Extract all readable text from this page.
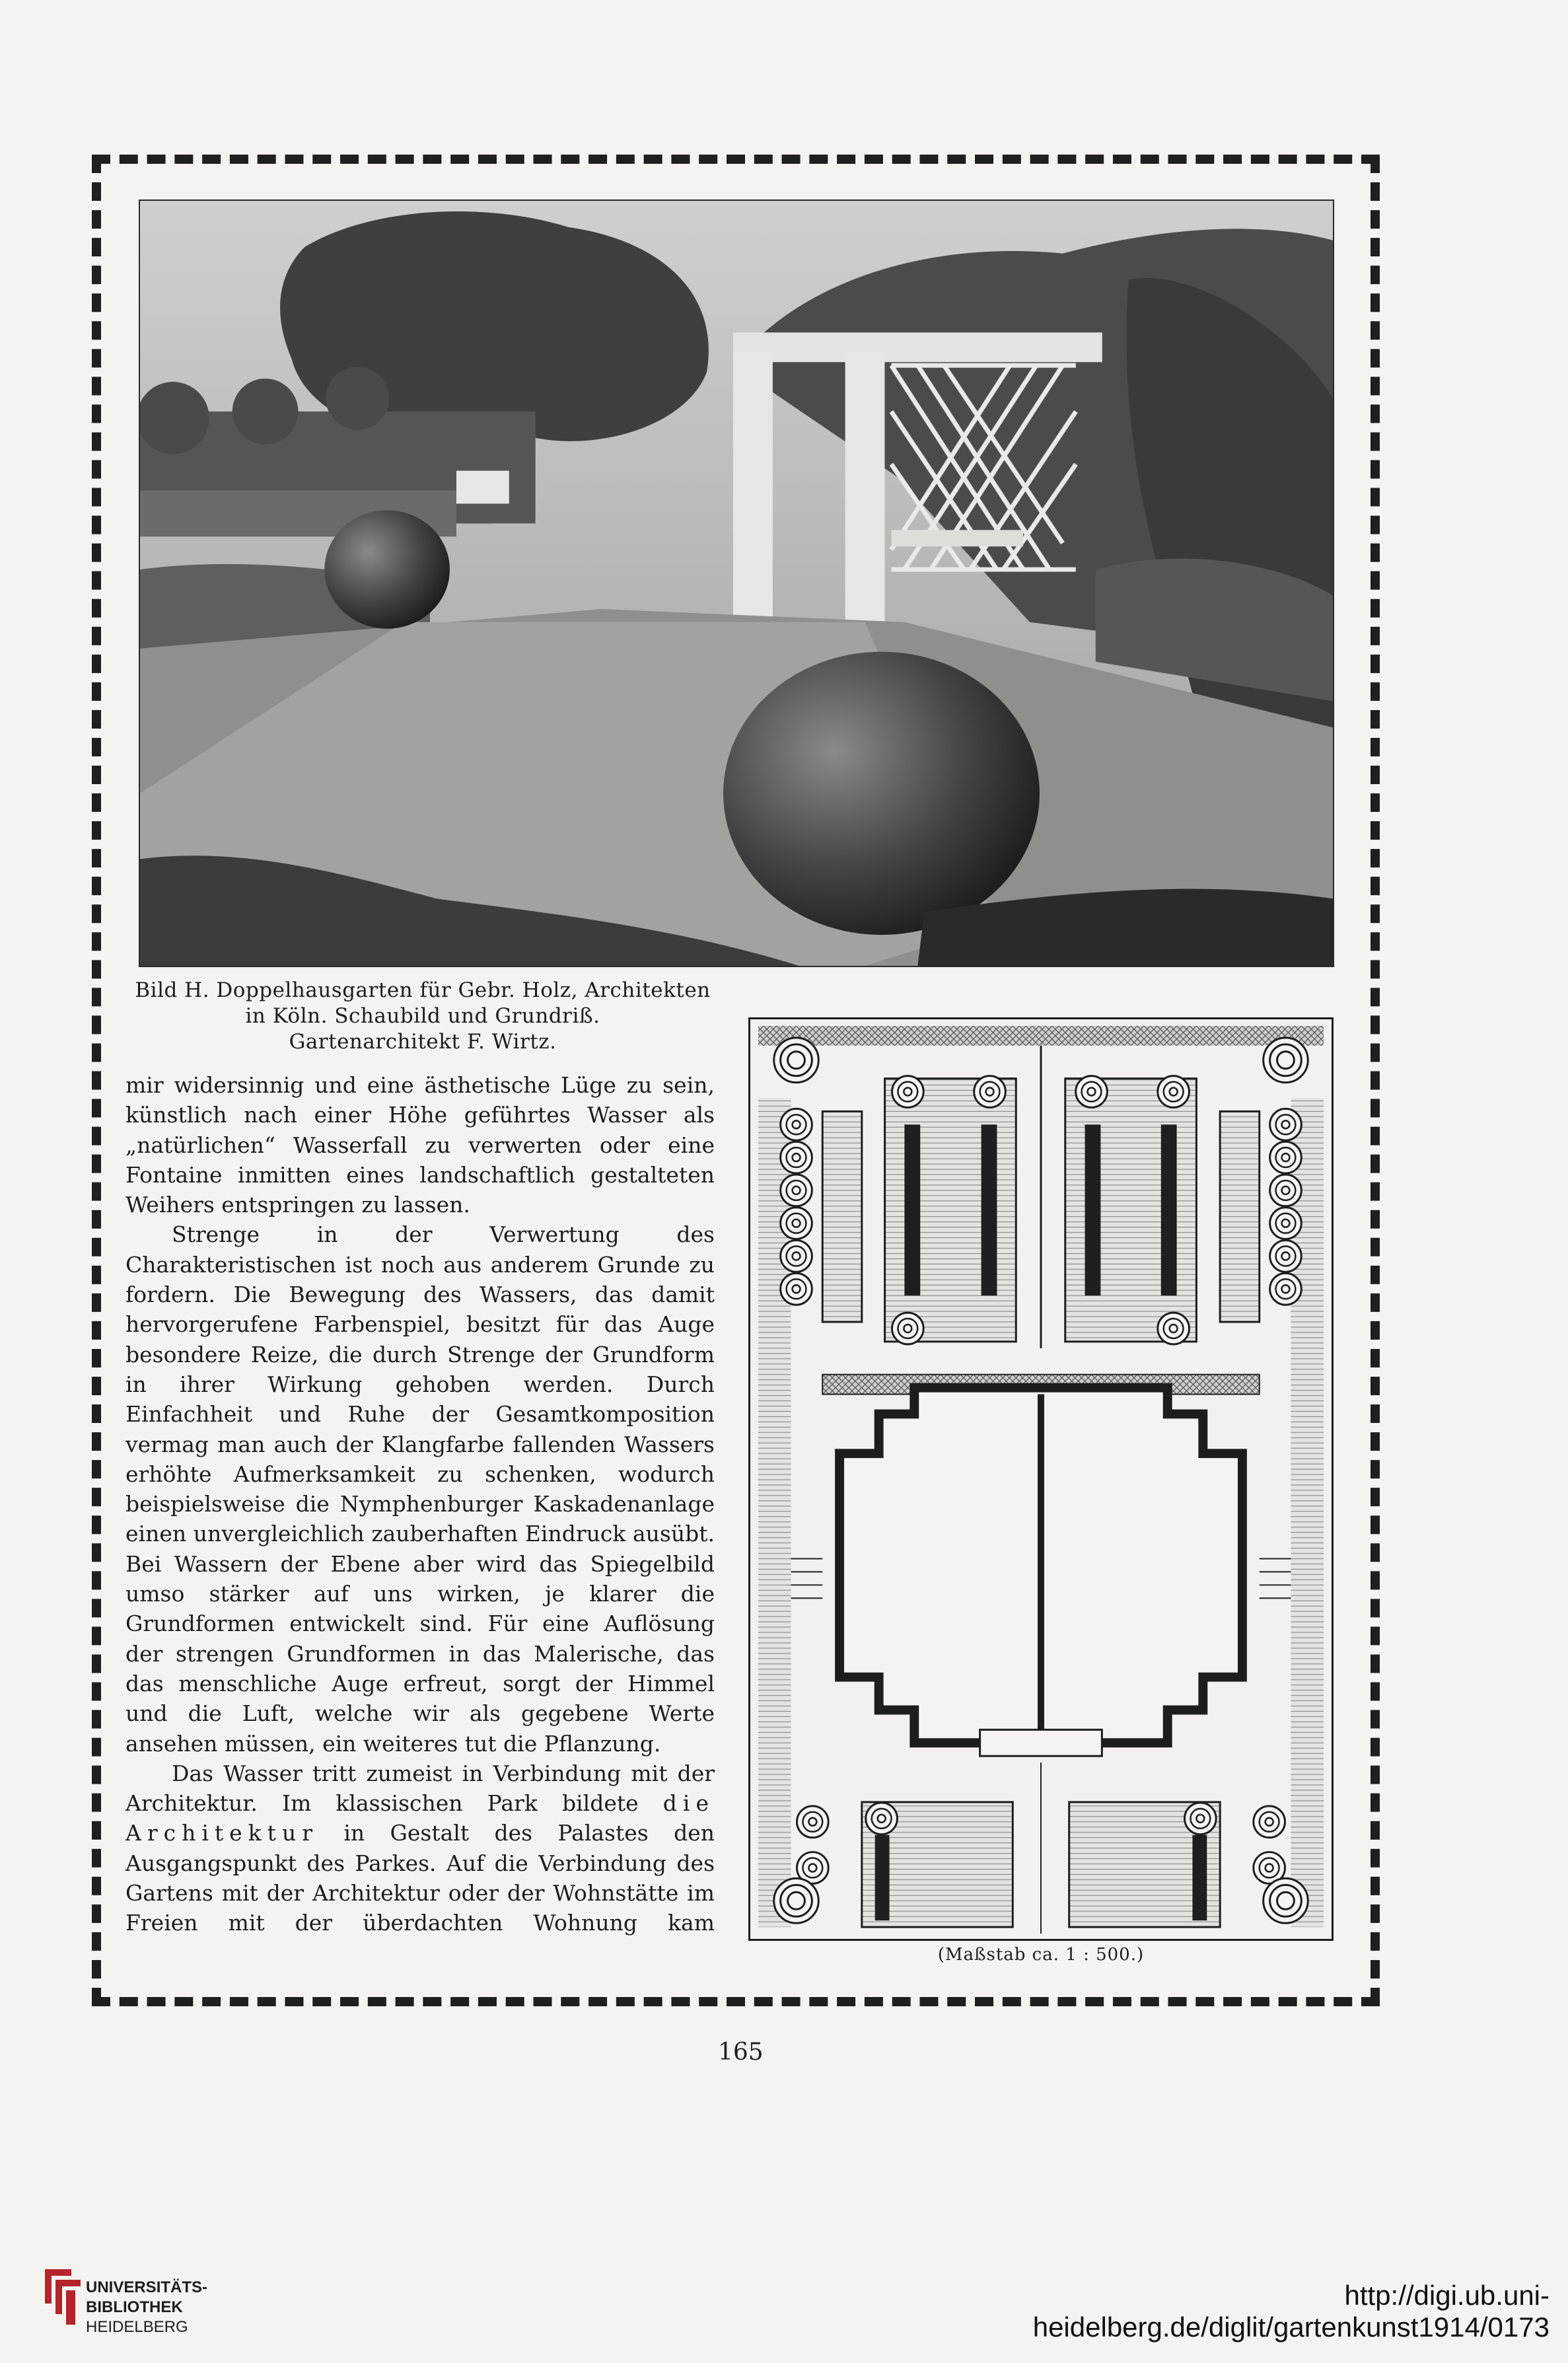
Bild H. Doppelhausgarten für Gebr. Holz, Architekten
in Köln. Schaubild und Grundriß.
Gartenarchitekt F. Wirtz.
mir widersinnig und eine ästhetische Lüge zu sein, künstlich nach einer Höhe geführtes Wasser als „natürlichen“ Wasserfall zu verwerten oder eine Fontaine inmitten eines landschaftlich gestalteten Weihers entspringen zu lassen.
Strenge in der Verwertung des Charakteristischen ist noch aus anderem Grunde zu fordern. Die Bewegung des Wassers, das damit hervorgerufene Farbenspiel, besitzt für das Auge besondere Reize, die durch Strenge der Grundform in ihrer Wirkung gehoben werden. Durch Einfachheit und Ruhe der Gesamtkomposition vermag man auch der Klangfarbe fallenden Wassers erhöhte Aufmerksamkeit zu schenken, wodurch beispielsweise die Nymphenburger Kaskadenanlage einen unvergleichlich zauberhaften Eindruck ausübt. Bei Wassern der Ebene aber wird das Spiegelbild umso stärker auf uns wirken, je klarer die Grundformen entwickelt sind. Für eine Auflösung der strengen Grundformen in das Malerische, das das menschliche Auge erfreut, sorgt der Himmel und die Luft, welche wir als gegebene Werte ansehen müssen, ein weiteres tut die Pflanzung.
Das Wasser tritt zumeist in Verbindung mit der Architektur. Im klassischen Park bildete die Architektur in Gestalt des Palastes den Ausgangspunkt des Parkes. Auf die Verbindung des Gartens mit der Architektur oder der Wohnstätte im Freien mit der überdachten Wohnung kam
(Maßstab ca. 1 : 500.)
165
UNIVERSITÄTS-
BIBLIOTHEK
HEIDELBERG
http://digi.ub.uni-heidelberg.de/diglit/gartenkunst1914/0173
